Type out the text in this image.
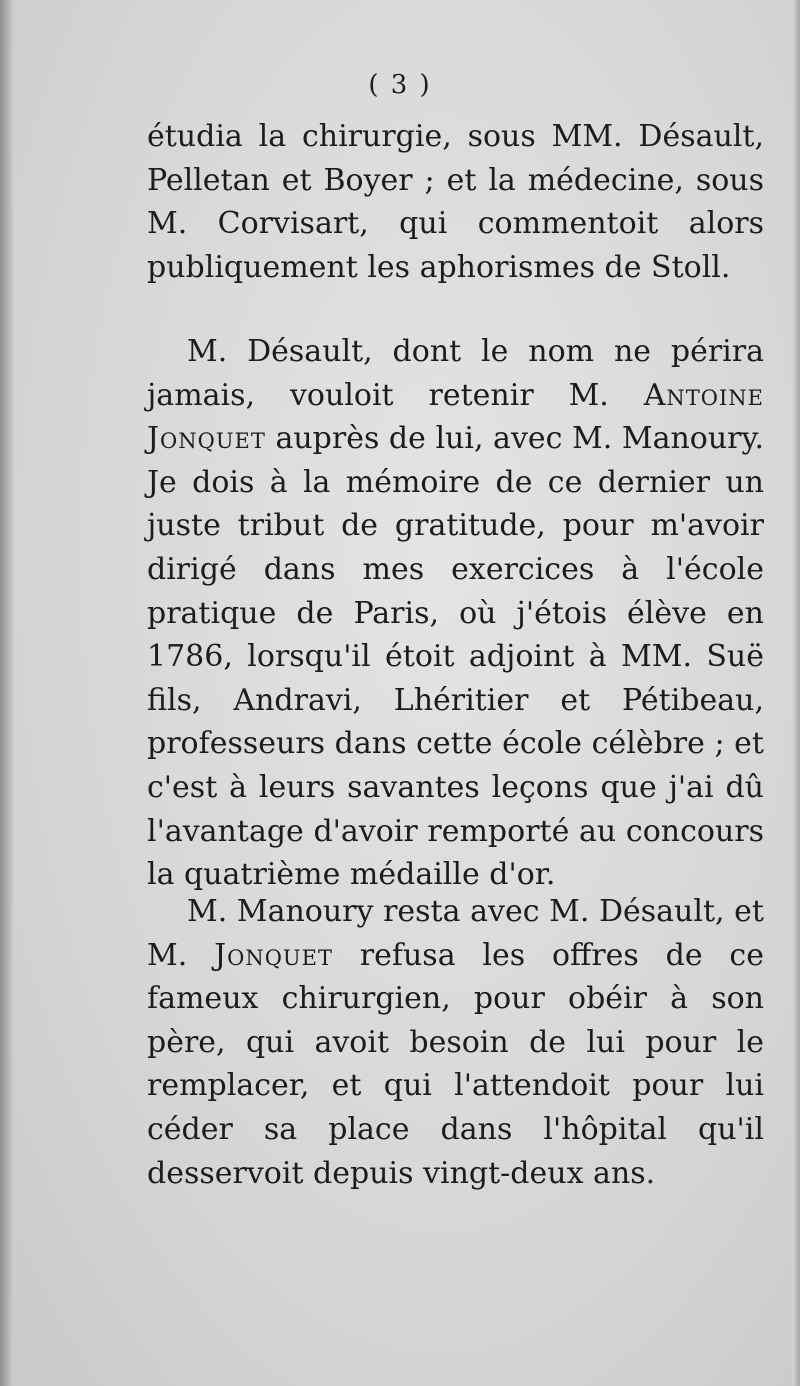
( 3 )

étudia la chirurgie, sous MM. Désault, Pelletan et Boyer ; et la médecine, sous M. Corvisart, qui commentoit alors publiquement les aphorismes de Stoll.

M. Désault, dont le nom ne périra jamais, vouloit retenir M. Antoine Jonquet auprès de lui, avec M. Manoury. Je dois à la mémoire de ce dernier un juste tribut de gratitude, pour m'avoir dirigé dans mes exercices à l'école pratique de Paris, où j'étois élève en 1786, lorsqu'il étoit adjoint à MM. Suë fils, Andravi, Lhéritier et Pétibeau, professeurs dans cette école célèbre ; et c'est à leurs savantes leçons que j'ai dû l'avantage d'avoir remporté au concours la quatrième médaille d'or.

M. Manoury resta avec M. Désault, et M. Jonquet refusa les offres de ce fameux chirurgien, pour obéir à son père, qui avoit besoin de lui pour le remplacer, et qui l'attendoit pour lui céder sa place dans l'hôpital qu'il desservoit depuis vingt-deux ans.
